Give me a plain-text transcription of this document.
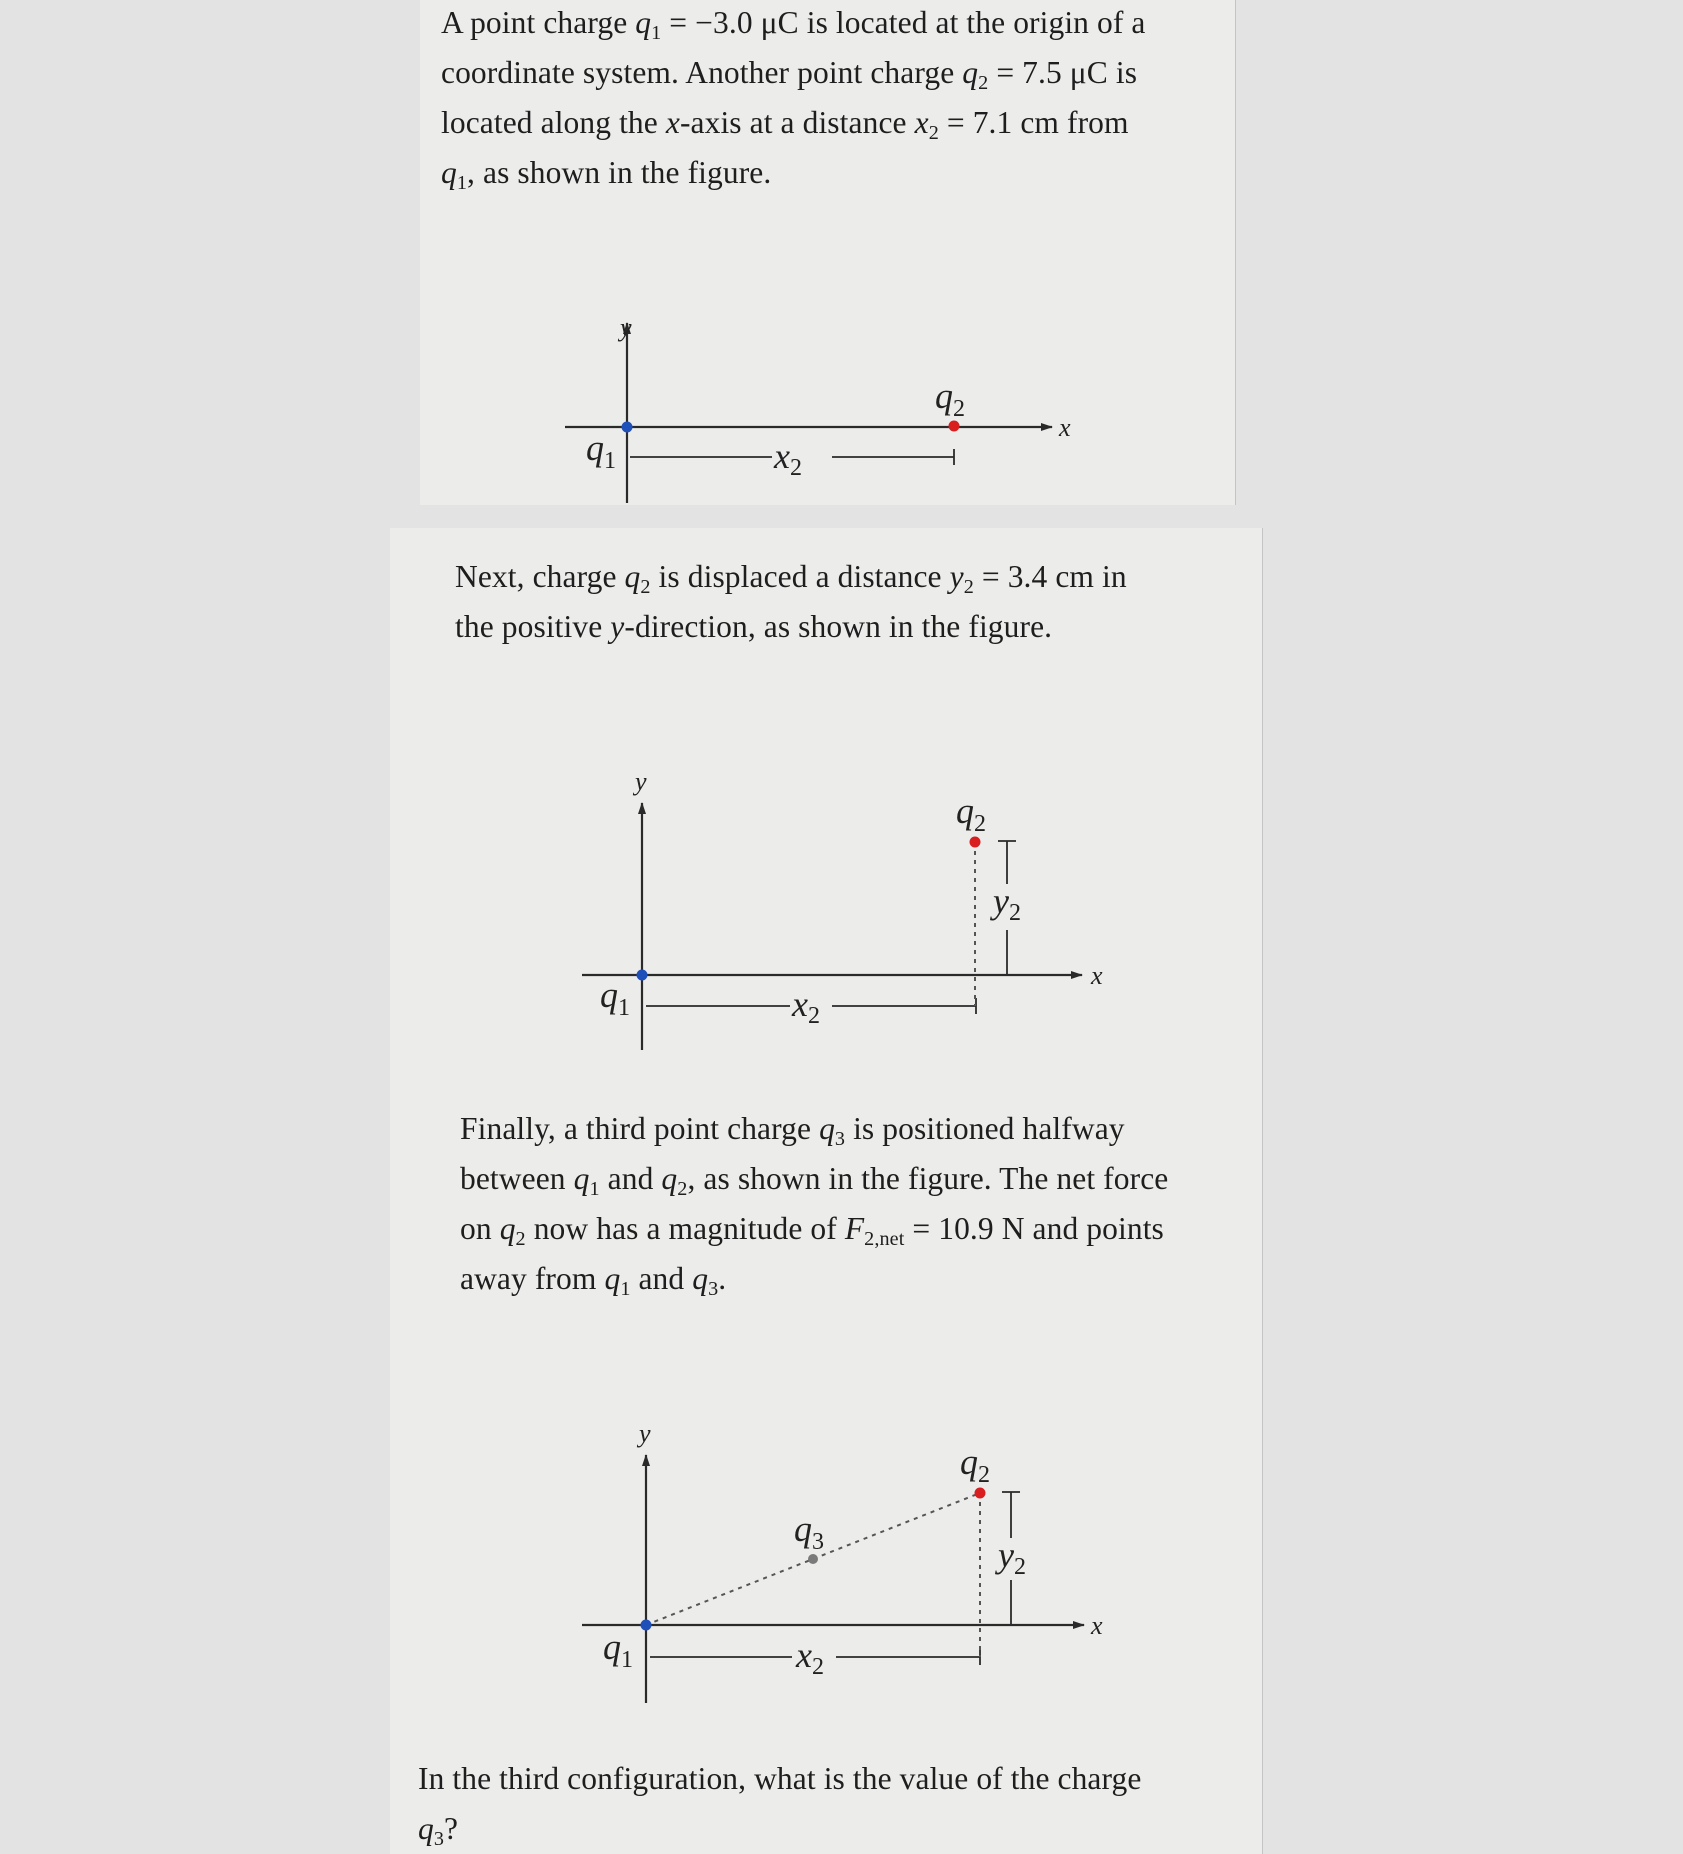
A point charge $q_1 = -3.0$ μC is located at the origin of a
coordinate system. Another point charge $q_2 = 7.5$ μC is
located along the x-axis at a distance $x_2 = 7.1$ cm from
$q_1$, as shown in the figure.
y
x
x2
q1
q2
Next, charge $q_2$ is displaced a distance $y_2 = 3.4$ cm in
the positive y-direction, as shown in the figure.
y
x
x2
y2
q1
q2
Finally, a third point charge $q_3$ is positioned halfway
between $q_1$ and $q_2$, as shown in the figure. The net force
on $q_2$ now has a magnitude of $F_{2,net} = 10.9$ N and points
away from $q_1$ and $q_3$.
y
x
x2
y2
q1
q3
q2
In the third configuration, what is the value of the charge
$q_3$?
